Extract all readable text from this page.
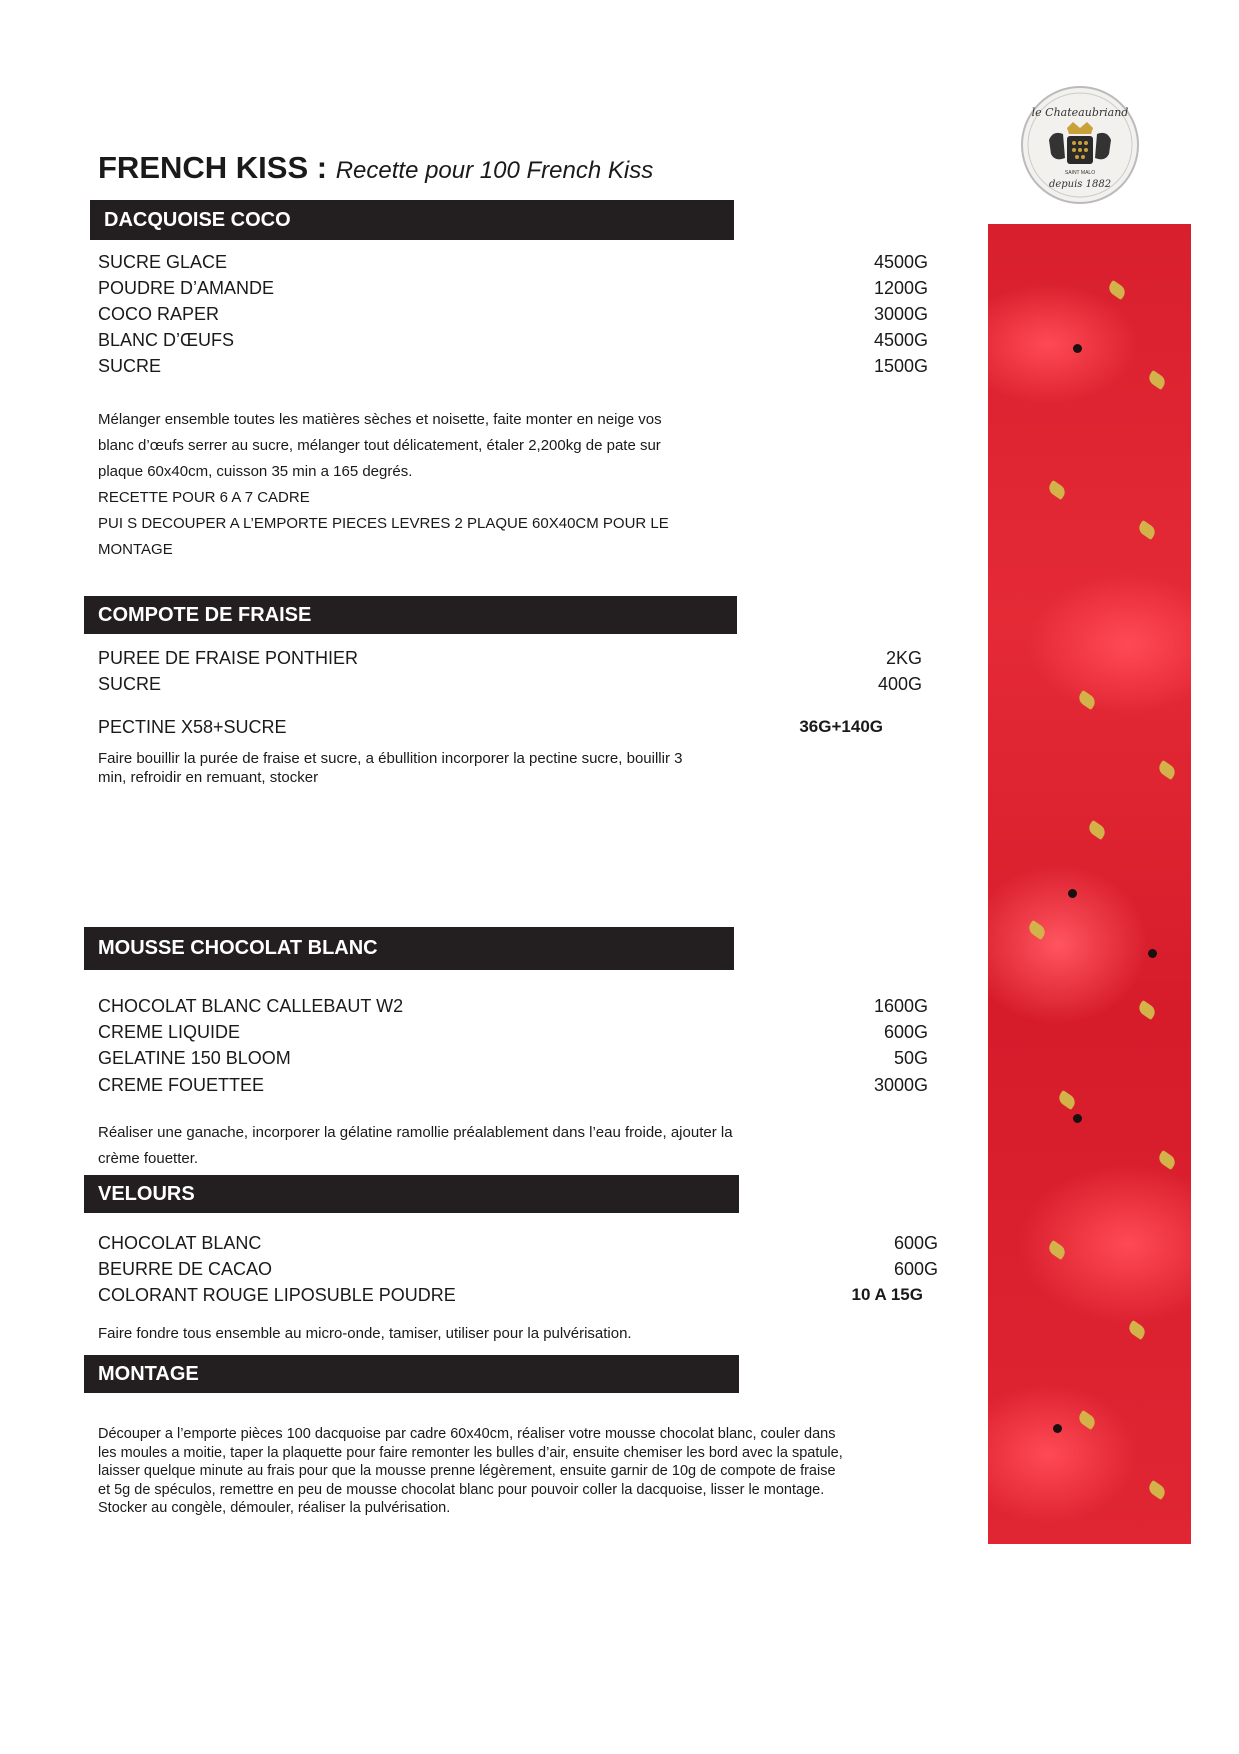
le Chateaubriand
SAINT MALO
depuis 1882
FRENCH KISS : Recette pour 100 French Kiss
DACQUOISE COCO
SUCRE GLACE	4500G
POUDRE D’AMANDE	1200G
COCO RAPER	3000G
BLANC D’ŒUFS	4500G
SUCRE	1500G
Mélanger ensemble toutes les matières sèches et noisette, faite monter en neige vos
blanc d’œufs serrer au sucre, mélanger tout délicatement, étaler 2,200kg de pate sur
plaque 60x40cm, cuisson 35 min a 165 degrés.
RECETTE POUR 6 A 7 CADRE
PUI S DECOUPER A L’EMPORTE PIECES LEVRES 2 PLAQUE 60X40CM POUR LE
MONTAGE
COMPOTE DE FRAISE
PUREE DE FRAISE PONTHIER	2KG
SUCRE	400G
PECTINE X58+SUCRE	36G+140G
Faire bouillir la purée de fraise et sucre, a ébullition incorporer la pectine sucre, bouillir 3
min, refroidir en remuant, stocker
MOUSSE CHOCOLAT BLANC
CHOCOLAT BLANC CALLEBAUT W2	1600G
CREME LIQUIDE	600G
GELATINE 150 BLOOM	50G
CREME FOUETTEE	3000G
Réaliser une ganache, incorporer la gélatine ramollie préalablement dans l’eau froide, ajouter la
crème fouetter.
VELOURS
CHOCOLAT BLANC	600G
BEURRE DE CACAO	600G
COLORANT ROUGE LIPOSUBLE POUDRE	10 A 15G
Faire fondre tous ensemble au micro-onde, tamiser, utiliser pour la pulvérisation.
MONTAGE
Découper a l’emporte pièces 100 dacquoise par cadre 60x40cm, réaliser votre mousse chocolat blanc, couler dans
les moules a moitie, taper la plaquette pour faire remonter les bulles d’air, ensuite chemiser les bord avec la spatule,
laisser quelque minute au frais pour que la mousse prenne légèrement, ensuite garnir de 10g de compote de fraise
et 5g de spéculos, remettre en peu de mousse chocolat blanc pour pouvoir coller la dacquoise, lisser le montage.
Stocker au congèle, démouler, réaliser la pulvérisation.
